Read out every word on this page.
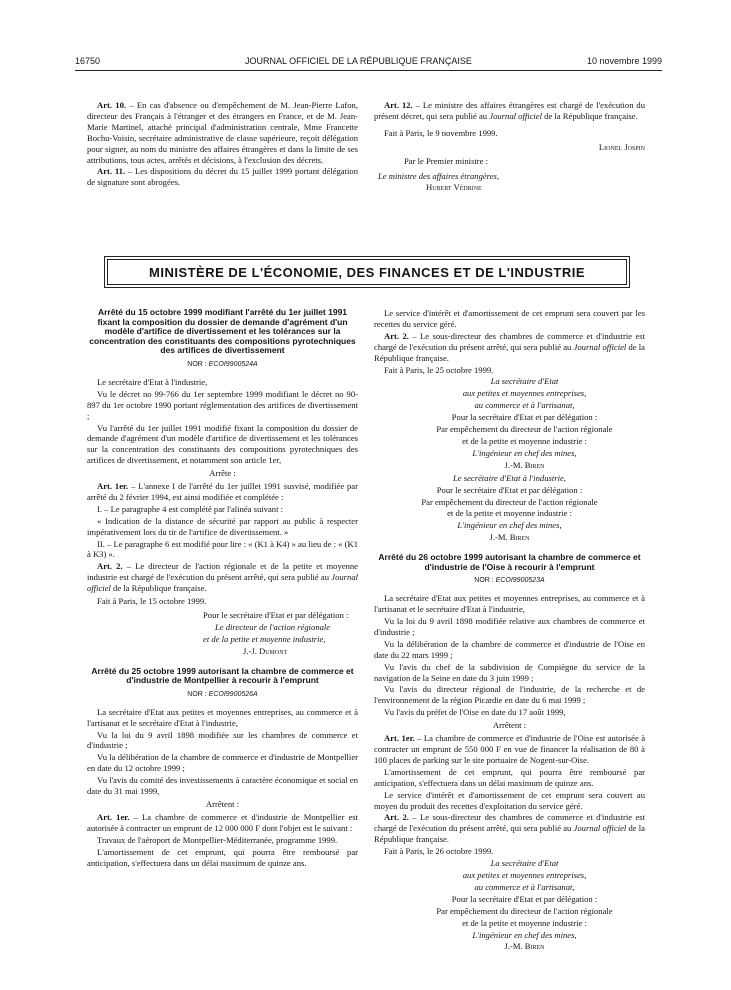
16750	JOURNAL OFFICIEL DE LA RÉPUBLIQUE FRANÇAISE	10 novembre 1999

Art. 10. – En cas d'absence ou d'empêchement de M. Jean-Pierre Lafon, directeur des Français à l'étranger et des étrangers en France, et de M. Jean-Marie Martinel, attaché principal d'administration centrale, Mme Francette Bochu-Voisin, secrétaire administrative de classe supérieure, reçoit délégation pour signer, au nom du ministre des affaires étrangères et dans la limite de ses attributions, tous actes, arrêtés et décisions, à l'exclusion des décrets.

Art. 11. – Les dispositions du décret du 15 juillet 1999 portant délégation de signature sont abrogées.

Art. 12. – Le ministre des affaires étrangères est chargé de l'exécution du présent décret, qui sera publié au Journal officiel de la République française.

Fait à Paris, le 9 novembre 1999.

Lionel Jospin

Par le Premier ministre :

Le ministre des affaires étrangères,

Hubert Védrine

MINISTÈRE DE L'ÉCONOMIE, DES FINANCES ET DE L'INDUSTRIE

Arrêté du 15 octobre 1999 modifiant l'arrêté du 1er juillet 1991 fixant la composition du dossier de demande d'agrément d'un modèle d'artifice de divertissement et les tolérances sur la concentration des constituants des compositions pyrotechniques des artifices de divertissement

NOR : ECOI9900524A

Le secrétaire d'Etat à l'industrie,

Vu le décret no 99-766 du 1er septembre 1999 modifiant le décret no 90-897 du 1er octobre 1990 portant réglementation des artifices de divertissement ;

Vu l'arrêté du 1er juillet 1991 modifié fixant la composition du dossier de demande d'agrément d'un modèle d'artifice de divertissement et les tolérances sur la concentration des constituants des compositions pyrotechniques des artifices de divertissement, et notamment son article 1er,

Arrête :

Art. 1er. – L'annexe I de l'arrêté du 1er juillet 1991 susvisé, modifiée par arrêté du 2 février 1994, est ainsi modifiée et complétée :

I. – Le paragraphe 4 est complété par l'alinéa suivant :

« Indication de la distance de sécurité par rapport au public à respecter impérativement lors du tir de l'artifice de divertissement. »

II. – Le paragraphe 6 est modifié pour lire : « (K1 à K4) » au lieu de : « (K1 à K3) ».

Art. 2. – Le directeur de l'action régionale et de la petite et moyenne industrie est chargé de l'exécution du présent arrêté, qui sera publié au Journal officiel de la République française.

Fait à Paris, le 15 octobre 1999.

Pour le secrétaire d'Etat et par délégation :

Le directeur de l'action régionale

et de la petite et moyenne industrie,

J.-J. Dumont

Arrêté du 25 octobre 1999 autorisant la chambre de commerce et d'industrie de Montpellier à recourir à l'emprunt

NOR : ECOI9900526A

La secrétaire d'Etat aux petites et moyennes entreprises, au commerce et à l'artisanat et le secrétaire d'Etat à l'industrie,

Vu la loi du 9 avril 1898 modifiée sur les chambres de commerce et d'industrie ;

Vu la délibération de la chambre de commerce et d'industrie de Montpellier en date du 12 octobre 1999 ;

Vu l'avis du comité des investissements à caractère économique et social en date du 31 mai 1999,

Arrêtent :

Art. 1er. – La chambre de commerce et d'industrie de Montpellier est autorisée à contracter un emprunt de 12 000 000 F dont l'objet est le suivant :

Travaux de l'aéroport de Montpellier-Méditerranée, programme 1999.

L'amortissement de cet emprunt, qui pourra être remboursé par anticipation, s'effectuera dans un délai maximum de quinze ans.

Le service d'intérêt et d'amortissement de cet emprunt sera couvert par les recettes du service géré.

Art. 2. – Le sous-directeur des chambres de commerce et d'industrie est chargé de l'exécution du présent arrêté, qui sera publié au Journal officiel de la République française.

Fait à Paris, le 25 octobre 1999.

La secrétaire d'Etat

aux petites et moyennes entreprises,

au commerce et à l'artisanat,

Pour la secrétaire d'Etat et par délégation :

Par empêchement du directeur de l'action régionale

et de la petite et moyenne industrie :

L'ingénieur en chef des mines,

J.-M. Biren

Le secrétaire d'Etat à l'industrie,

Pour le secrétaire d'Etat et par délégation :

Par empêchement du directeur de l'action régionale

et de la petite et moyenne industrie :

L'ingénieur en chef des mines,

J.-M. Biren

Arrêté du 26 octobre 1999 autorisant la chambre de commerce et d'industrie de l'Oise à recourir à l'emprunt

NOR : ECOI9900523A

La secrétaire d'Etat aux petites et moyennes entreprises, au commerce et à l'artisanat et le secrétaire d'Etat à l'industrie,

Vu la loi du 9 avril 1898 modifiée relative aux chambres de commerce et d'industrie ;

Vu la délibération de la chambre de commerce et d'industrie de l'Oise en date du 22 mars 1999 ;

Vu l'avis du chef de la subdivision de Compiègne du service de la navigation de la Seine en date du 3 juin 1999 ;

Vu l'avis du directeur régional de l'industrie, de la recherche et de l'environnement de la région Picardie en date du 6 mai 1999 ;

Vu l'avis du préfet de l'Oise en date du 17 août 1999,

Arrêtent :

Art. 1er. – La chambre de commerce et d'industrie de l'Oise est autorisée à contracter un emprunt de 550 000 F en vue de financer la réalisation de 80 à 100 places de parking sur le site portuaire de Nogent-sur-Oise.

L'amortissement de cet emprunt, qui pourra être remboursé par anticipation, s'effectuera dans un délai maximum de quinze ans.

Le service d'intérêt et d'amortissement de cet emprunt sera couvert au moyen du produit des recettes d'exploitation du service géré.

Art. 2. – Le sous-directeur des chambres de commerce et d'industrie est chargé de l'exécution du présent arrêté, qui sera publié au Journal officiel de la République française.

Fait à Paris, le 26 octobre 1999.

La secrétaire d'Etat

aux petites et moyennes entreprises,

au commerce et à l'artisanat,

Pour la secrétaire d'Etat et par délégation :

Par empêchement du directeur de l'action régionale

et de la petite et moyenne industrie :

L'ingénieur en chef des mines,

J.-M. Biren
